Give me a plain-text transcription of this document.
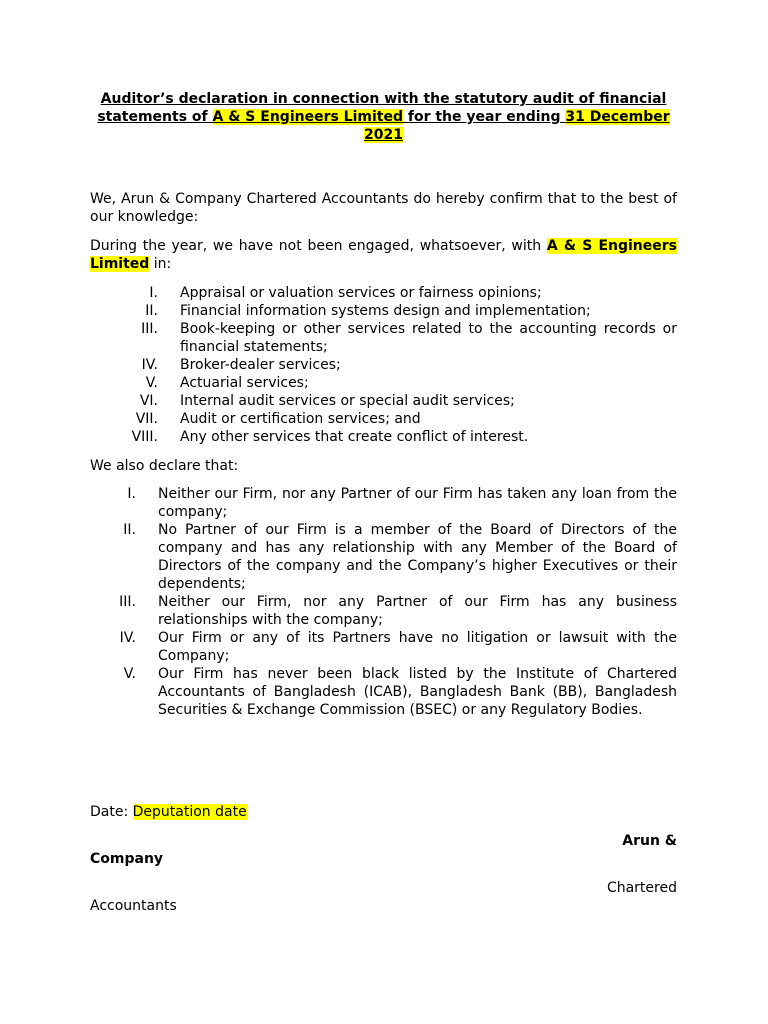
Auditor’s declaration in connection with the statutory audit of financial statements of A & S Engineers Limited for the year ending 31 December 2021

We, Arun & Company Chartered Accountants do hereby confirm that to the best of our knowledge:

During the year, we have not been engaged, whatsoever, with A & S Engineers Limited in:

I. Appraisal or valuation services or fairness opinions;
II. Financial information systems design and implementation;
III. Book-keeping or other services related to the accounting records or financial statements;
IV. Broker-dealer services;
V. Actuarial services;
VI. Internal audit services or special audit services;
VII. Audit or certification services; and
VIII. Any other services that create conflict of interest.

We also declare that:

I. Neither our Firm, nor any Partner of our Firm has taken any loan from the company;
II. No Partner of our Firm is a member of the Board of Directors of the company and has any relationship with any Member of the Board of Directors of the company and the Company’s higher Executives or their dependents;
III. Neither our Firm, nor any Partner of our Firm has any business relationships with the company;
IV. Our Firm or any of its Partners have no litigation or lawsuit with the Company;
V. Our Firm has never been black listed by the Institute of Chartered Accountants of Bangladesh (ICAB), Bangladesh Bank (BB), Bangladesh Securities & Exchange Commission (BSEC) or any Regulatory Bodies.

Date: Deputation date

Arun &

Company

Chartered

Accountants
